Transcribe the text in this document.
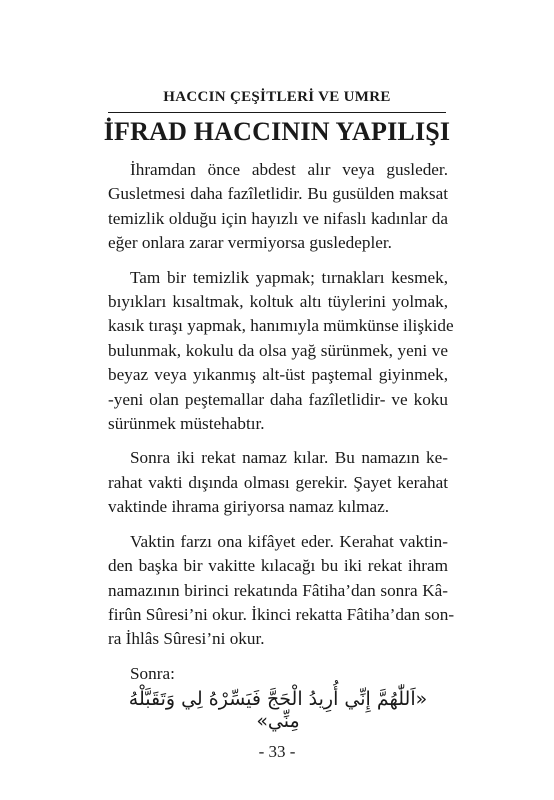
HACCIN ÇEŞİTLERİ VE UMRE
İFRAD HACCININ YAPILIŞI
İhramdan önce abdest alır veya gusleder.
Gusletmesi daha fazîletlidir. Bu gusülden maksat
temizlik olduğu için hayızlı ve nifaslı kadınlar da
eğer onlara zarar vermiyorsa gusledерler.
Tam bir temizlik yapmak; tırnakları kesmek,
bıyıkları kısaltmak, koltuk altı tüylerini yolmak,
kasık tıraşı yapmak, hanımıyla mümkünse ilişkide
bulunmak, kokulu da olsa yağ sürünmek, yeni ve
beyaz veya yıkanmış alt-üst paştemal giyinmek,
-yeni olan peştemallar daha fazîletlidir- ve koku
sürünmek müstehabtır.
Sonra iki rekat namaz kılar. Bu namazın ke-
rahat vakti dışında olması gerekir. Şayet kerahat
vaktinde ihrama giriyorsa namaz kılmaz.
Vaktin farzı ona kifâyet eder. Kerahat vaktin-
den başka bir vakitte kılacağı bu iki rekat ihram
namazının birinci rekatında Fâtiha’dan sonra Kâ-
firûn Sûresi’ni okur. İkinci rekatta Fâtiha’dan son-
ra İhlâs Sûresi’ni okur.
Sonra:
«اَللّٰهُمَّ إِنِّي أُرِيدُ الْحَجَّ فَيَسِّرْهُ لِي وَتَقَبَّلْهُ مِنِّي»
- 33 -
